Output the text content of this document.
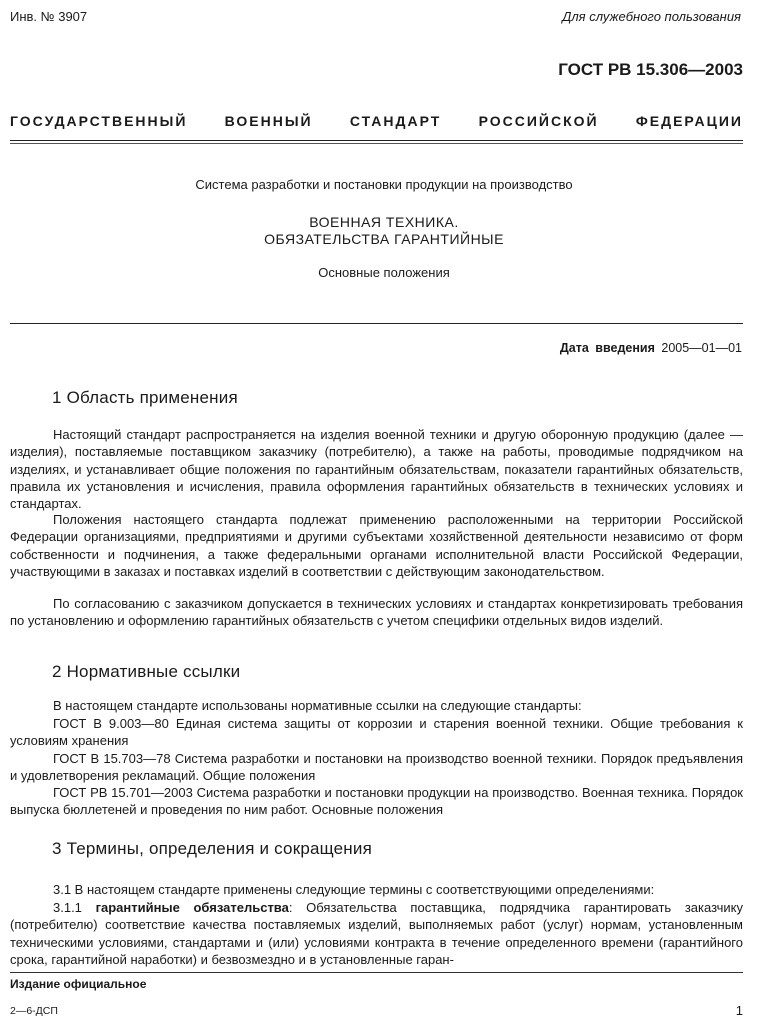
Инв. № 3907	Для служебного пользования
ГОСТ РВ 15.306—2003
ГОСУДАРСТВЕННЫЙ ВОЕННЫЙ СТАНДАРТ РОССИЙСКОЙ ФЕДЕРАЦИИ
Система разработки и постановки продукции на производство
ВОЕННАЯ ТЕХНИКА.
ОБЯЗАТЕЛЬСТВА ГАРАНТИЙНЫЕ
Основные положения
Дата введения 2005—01—01
1 Область применения

Настоящий стандарт распространяется на изделия военной техники и другую оборонную продукцию (далее — изделия), поставляемые поставщиком заказчику (потребителю), а также на работы, проводимые подрядчиком на изделиях, и устанавливает общие положения по гарантийным обязательствам, показатели гарантийных обязательств, правила их установления и исчисления, правила оформления гарантийных обязательств в технических условиях и стандартах.

Положения настоящего стандарта подлежат применению расположенными на территории Российской Федерации организациями, предприятиями и другими субъектами хозяйственной деятельности независимо от форм собственности и подчинения, а также федеральными органами исполнительной власти Российской Федерации, участвующими в заказах и поставках изделий в соответствии с действующим законодательством.

По согласованию с заказчиком допускается в технических условиях и стандартах конкретизировать требования по установлению и оформлению гарантийных обязательств с учетом специфики отдельных видов изделий.

2 Нормативные ссылки

В настоящем стандарте использованы нормативные ссылки на следующие стандарты:

ГОСТ В 9.003—80 Единая система защиты от коррозии и старения военной техники. Общие требования к условиям хранения

ГОСТ В 15.703—78 Система разработки и постановки на производство военной техники. Порядок предъявления и удовлетворения рекламаций. Общие положения

ГОСТ РВ 15.701—2003 Система разработки и постановки продукции на производство. Военная техника. Порядок выпуска бюллетеней и проведения по ним работ. Основные положения

3 Термины, определения и сокращения

3.1 В настоящем стандарте применены следующие термины с соответствующими определениями:

3.1.1 гарантийные обязательства: Обязательства поставщика, подрядчика гарантировать заказчику (потребителю) соответствие качества поставляемых изделий, выполняемых работ (услуг) нормам, установленным техническими условиями, стандартами и (или) условиями контракта в течение определенного времени (гарантийного срока, гарантийной наработки) и безвозмездно и в установленные гаран-

Издание официальное
2—6-ДСП	1
